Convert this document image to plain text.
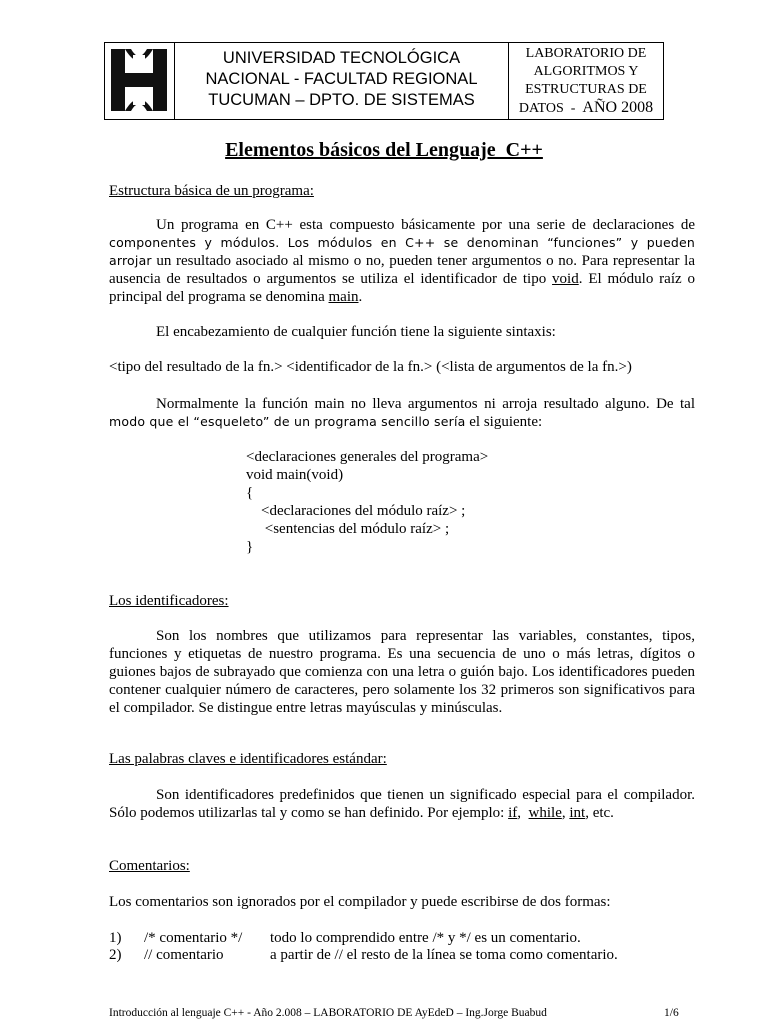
UNIVERSIDAD TECNOLÓGICA
NACIONAL - FACULTAD REGIONAL
TUCUMAN – DPTO. DE SISTEMAS
LABORATORIO DE
ALGORITMOS Y
ESTRUCTURAS DE
DATOS  -  AÑO 2008
Elementos básicos del Lenguaje  C++
Estructura básica de un programa:

Un programa en C++ esta compuesto básicamente por una serie de declaraciones de componentes y módulos. Los módulos en C++ se denominan “funciones” y pueden arrojar un resultado asociado al mismo o no, pueden tener argumentos o no. Para representar la ausencia de resultados o argumentos se utiliza el identificador de tipo void. El módulo raíz o principal del programa se denomina main.

El encabezamiento de cualquier función tiene la siguiente sintaxis:
<tipo del resultado de la fn.> <identificador de la fn.> (<lista de argumentos de la fn.>)

Normalmente la función main no lleva argumentos ni arroja resultado alguno. De tal modo que el “esqueleto” de un programa sencillo sería el siguiente:

<declaraciones generales del programa>
void main(void)
{
<declaraciones del módulo raíz> ;
<sentencias del módulo raíz> ;
}
Los identificadores:

Son los nombres que utilizamos para representar las variables, constantes, tipos, funciones y etiquetas de nuestro programa. Es una secuencia de uno o más letras, dígitos o guiones bajos de subrayado que comienza con una letra o guión bajo. Los identificadores pueden contener cualquier número de caracteres, pero solamente los 32 primeros son significativos para el compilador. Se distingue entre letras mayúsculas y minúsculas.

Las palabras claves e identificadores estándar:

Son identificadores predefinidos que tienen un significado especial para el compilador. Sólo podemos utilizarlas tal y como se han definido. Por ejemplo: if,  while, int, etc.

Comentarios:
Los comentarios son ignorados por el compilador y puede escribirse de dos formas:
1) /* comentario */ todo lo comprendido entre /* y */ es un comentario.
2) // comentario	a partir de // el resto de la línea se toma como comentario.
Introducción al lenguaje C++ - Año 2.008 – LABORATORIO DE AyEdeD – Ing.Jorge Buabud	1/6
